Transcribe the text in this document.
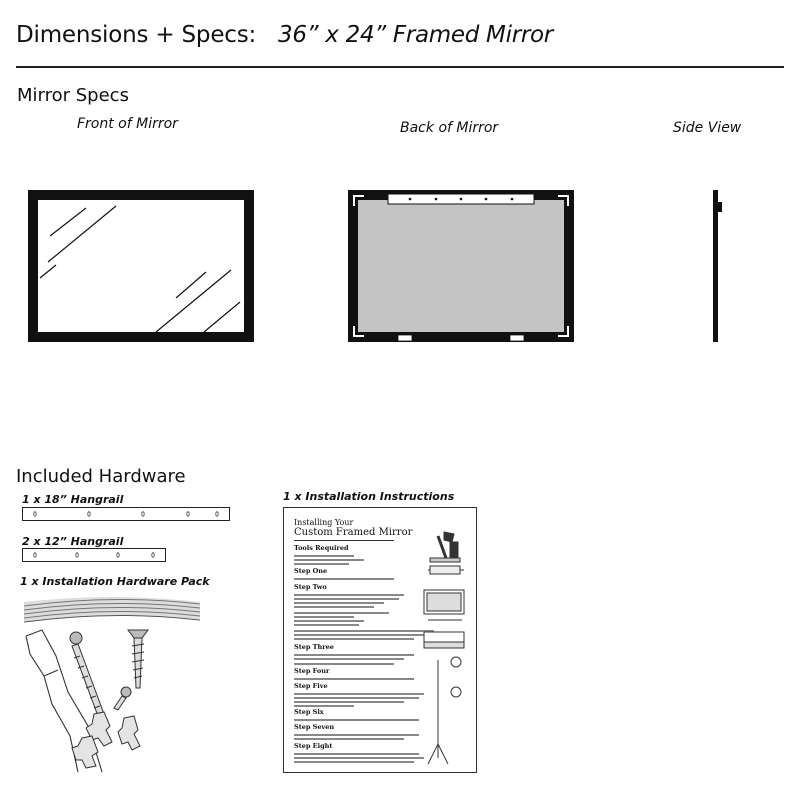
Dimensions + Specs: 36” x 24” Framed Mirror
Mirror Specs
Front of Mirror	Back of Mirror	Side View
Included Hardware
1 x 18” Hangrail
2 x 12” Hangrail
1 x Installation Hardware Pack
1 x Installation Instructions
Installing Your
Custom Framed Mirror
Tools Required
Step One
Step Two
Step Three
Step Four
Step Five
Step Six
Step Seven
Step Eight
